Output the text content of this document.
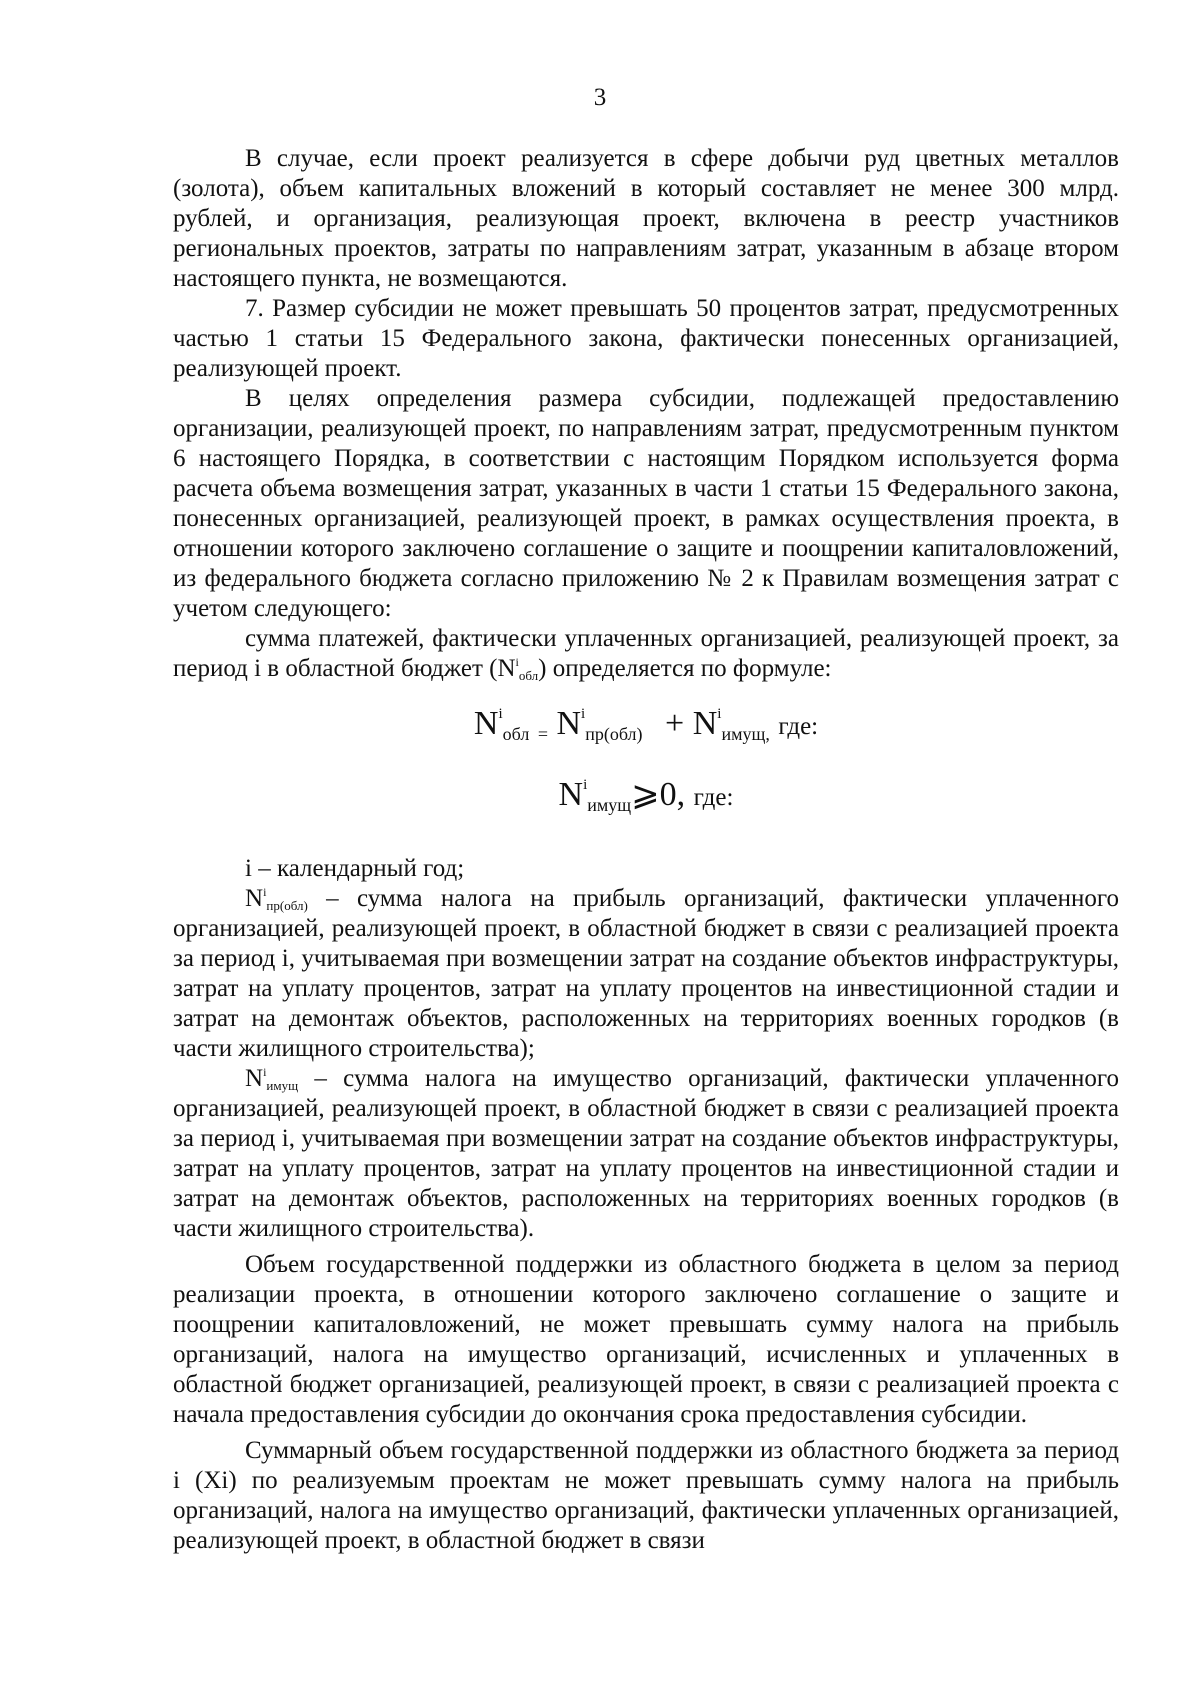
3

В случае, если проект реализуется в сфере добычи руд цветных металлов (золота), объем капитальных вложений в который составляет не менее 300 млрд. рублей, и организация, реализующая проект, включена в реестр участников региональных проектов, затраты по направлениям затрат, указанным в абзаце втором настоящего пункта, не возмещаются.

7. Размер субсидии не может превышать 50 процентов затрат, предусмотренных частью 1 статьи 15 Федерального закона, фактически понесенных организацией, реализующей проект.

В целях определения размера субсидии, подлежащей предоставлению организации, реализующей проект, по направлениям затрат, предусмотренным пунктом 6 настоящего Порядка, в соответствии с настоящим Порядком используется форма расчета объема возмещения затрат, указанных в части 1 статьи 15 Федерального закона, понесенных организацией, реализующей проект, в рамках осуществления проекта, в отношении которого заключено соглашение о защите и поощрении капиталовложений, из федерального бюджета согласно приложению № 2 к Правилам возмещения затрат с учетом следующего:

сумма платежей, фактически уплаченных организацией, реализующей проект, за период i в областной бюджет $(N^i_{обл})$ определяется по формуле:

$N^i_{обл}$ $_=$ $N^i_{пр(обл)} + N^i_{имущ,}$ где:

$N^i_{имущ}⩾0$, где:

i – календарный год;

$N^i_{пр(обл)}$ – сумма налога на прибыль организаций, фактически уплаченного организацией, реализующей проект, в областной бюджет в связи с реализацией проекта за период i, учитываемая при возмещении затрат на создание объектов инфраструктуры, затрат на уплату процентов, затрат на уплату процентов на инвестиционной стадии и затрат на демонтаж объектов, расположенных на территориях военных городков (в части жилищного строительства);

$N^i_{имущ}$ – сумма налога на имущество организаций, фактически уплаченного организацией, реализующей проект, в областной бюджет в связи с реализацией проекта за период i, учитываемая при возмещении затрат на создание объектов инфраструктуры, затрат на уплату процентов, затрат на уплату процентов на инвестиционной стадии и затрат на демонтаж объектов, расположенных на территориях военных городков (в части жилищного строительства).

Объем государственной поддержки из областного бюджета в целом за период реализации проекта, в отношении которого заключено соглашение о защите и поощрении капиталовложений, не может превышать сумму налога на прибыль организаций, налога на имущество организаций, исчисленных и уплаченных в областной бюджет организацией, реализующей проект, в связи с реализацией проекта с начала предоставления субсидии до окончания срока предоставления субсидии.

Суммарный объем государственной поддержки из областного бюджета за период i (Xi) по реализуемым проектам не может превышать сумму налога на прибыль организаций, налога на имущество организаций, фактически уплаченных организацией, реализующей проект, в областной бюджет в связи
